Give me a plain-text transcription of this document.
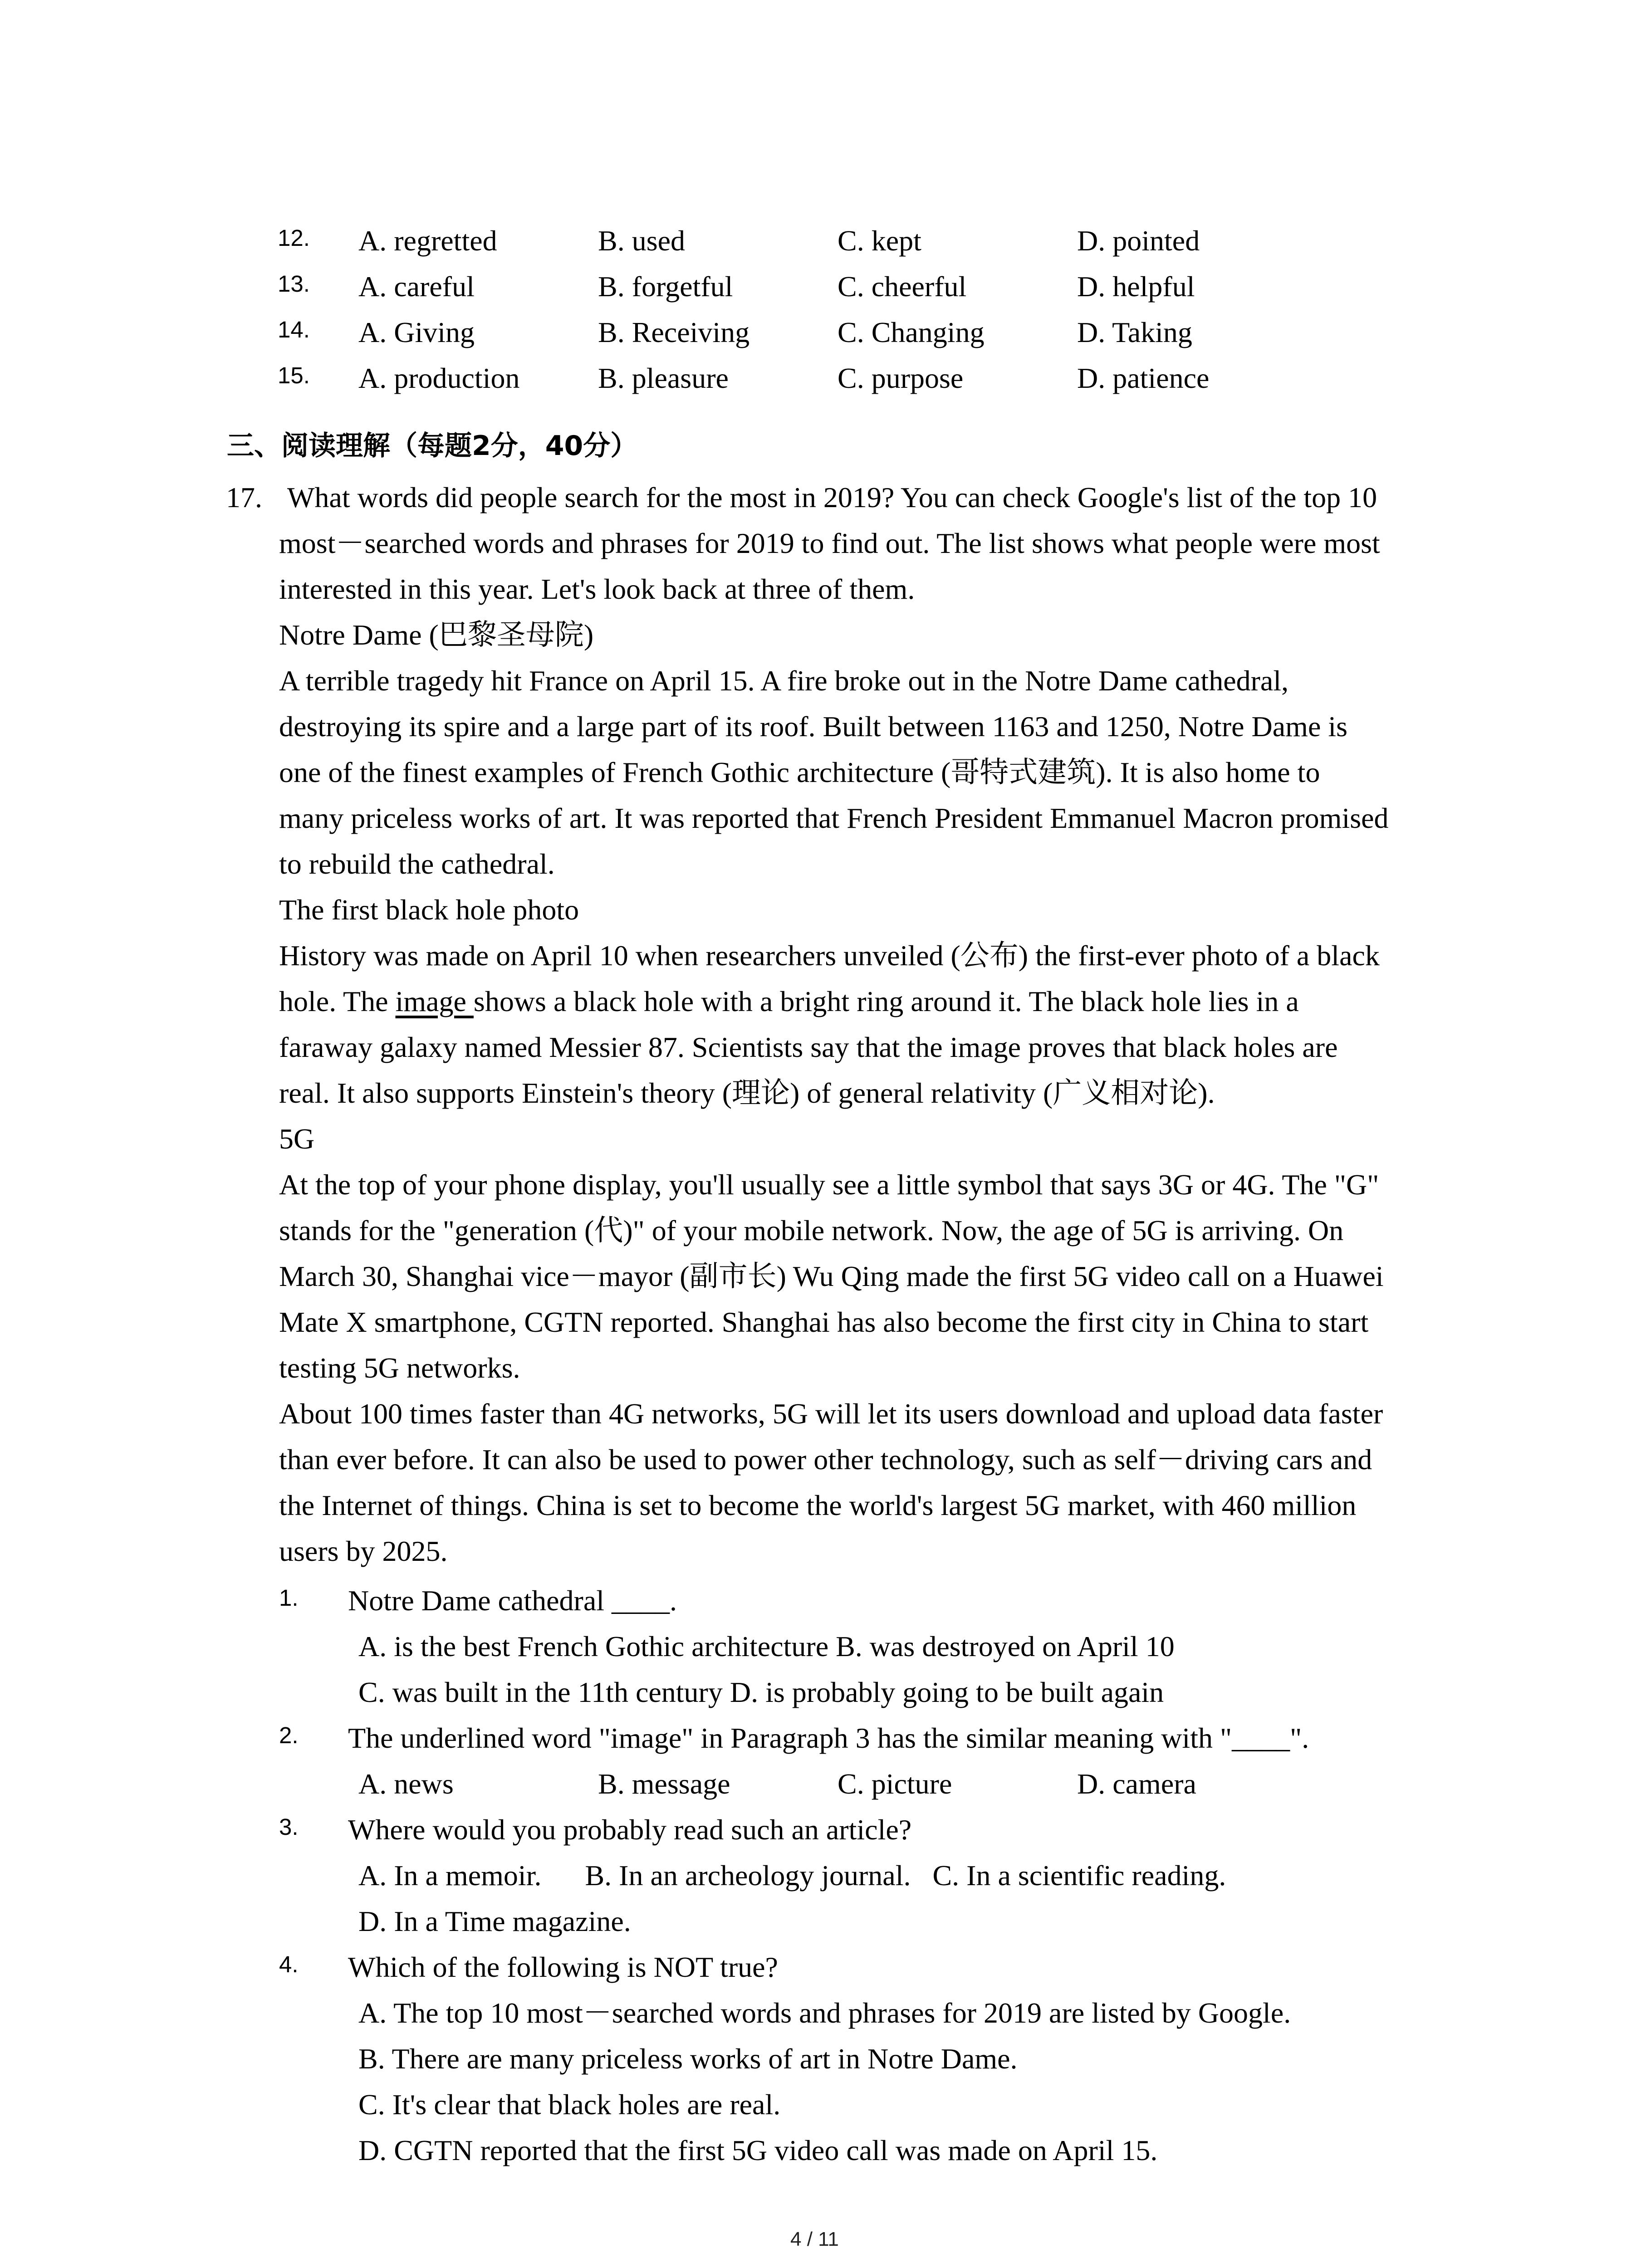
12. A. regretted	B. used	C. kept	D. pointed
13. A. careful	B. forgetful	C. cheerful	D. helpful
14. A. Giving	B. Receiving	C. Changing	D. Taking
15. A. production	B. pleasure	C. purpose	D. patience
三、阅读理解（每题2分，40分）
17. What words did people search for the most in 2019? You can check Google's list of the top 10
most－searched words and phrases for 2019 to find out. The list shows what people were most
interested in this year. Let's look back at three of them.
Notre Dame (巴黎圣母院)
A terrible tragedy hit France on April 15. A fire broke out in the Notre Dame cathedral,
destroying its spire and a large part of its roof. Built between 1163 and 1250, Notre Dame is
one of the finest examples of French Gothic architecture (哥特式建筑). It is also home to
many priceless works of art. It was reported that French President Emmanuel Macron promised
to rebuild the cathedral.
The first black hole photo
History was made on April 10 when researchers unveiled (公布) the first-ever photo of a black
hole. The image shows a black hole with a bright ring around it. The black hole lies in a
faraway galaxy named Messier 87. Scientists say that the image proves that black holes are
real. It also supports Einstein's theory (理论) of general relativity (广义相对论).
5G
At the top of your phone display, you'll usually see a little symbol that says 3G or 4G. The "G"
stands for the "generation (代)" of your mobile network. Now, the age of 5G is arriving. On
March 30, Shanghai vice－mayor (副市长) Wu Qing made the first 5G video call on a Huawei
Mate X smartphone, CGTN reported. Shanghai has also become the first city in China to start
testing 5G networks.
About 100 times faster than 4G networks, 5G will let its users download and upload data faster
than ever before. It can also be used to power other technology, such as self－driving cars and
the Internet of things. China is set to become the world's largest 5G market, with 460 million
users by 2025.
1. Notre Dame cathedral ____.
A. is the best French Gothic architecture B. was destroyed on April 10
C. was built in the 11th century D. is probably going to be built again
2. The underlined word "image" in Paragraph 3 has the similar meaning with "____".
A. news	B. message	C. picture	D. camera
3. Where would you probably read such an article?
A. In a memoir.      B. In an archeology journal.   C. In a scientific reading.
D. In a Time magazine.
4. Which of the following is NOT true?
A. The top 10 most－searched words and phrases for 2019 are listed by Google.
B. There are many priceless works of art in Notre Dame.
C. It's clear that black holes are real.
D. CGTN reported that the first 5G video call was made on April 15.
4 / 11
